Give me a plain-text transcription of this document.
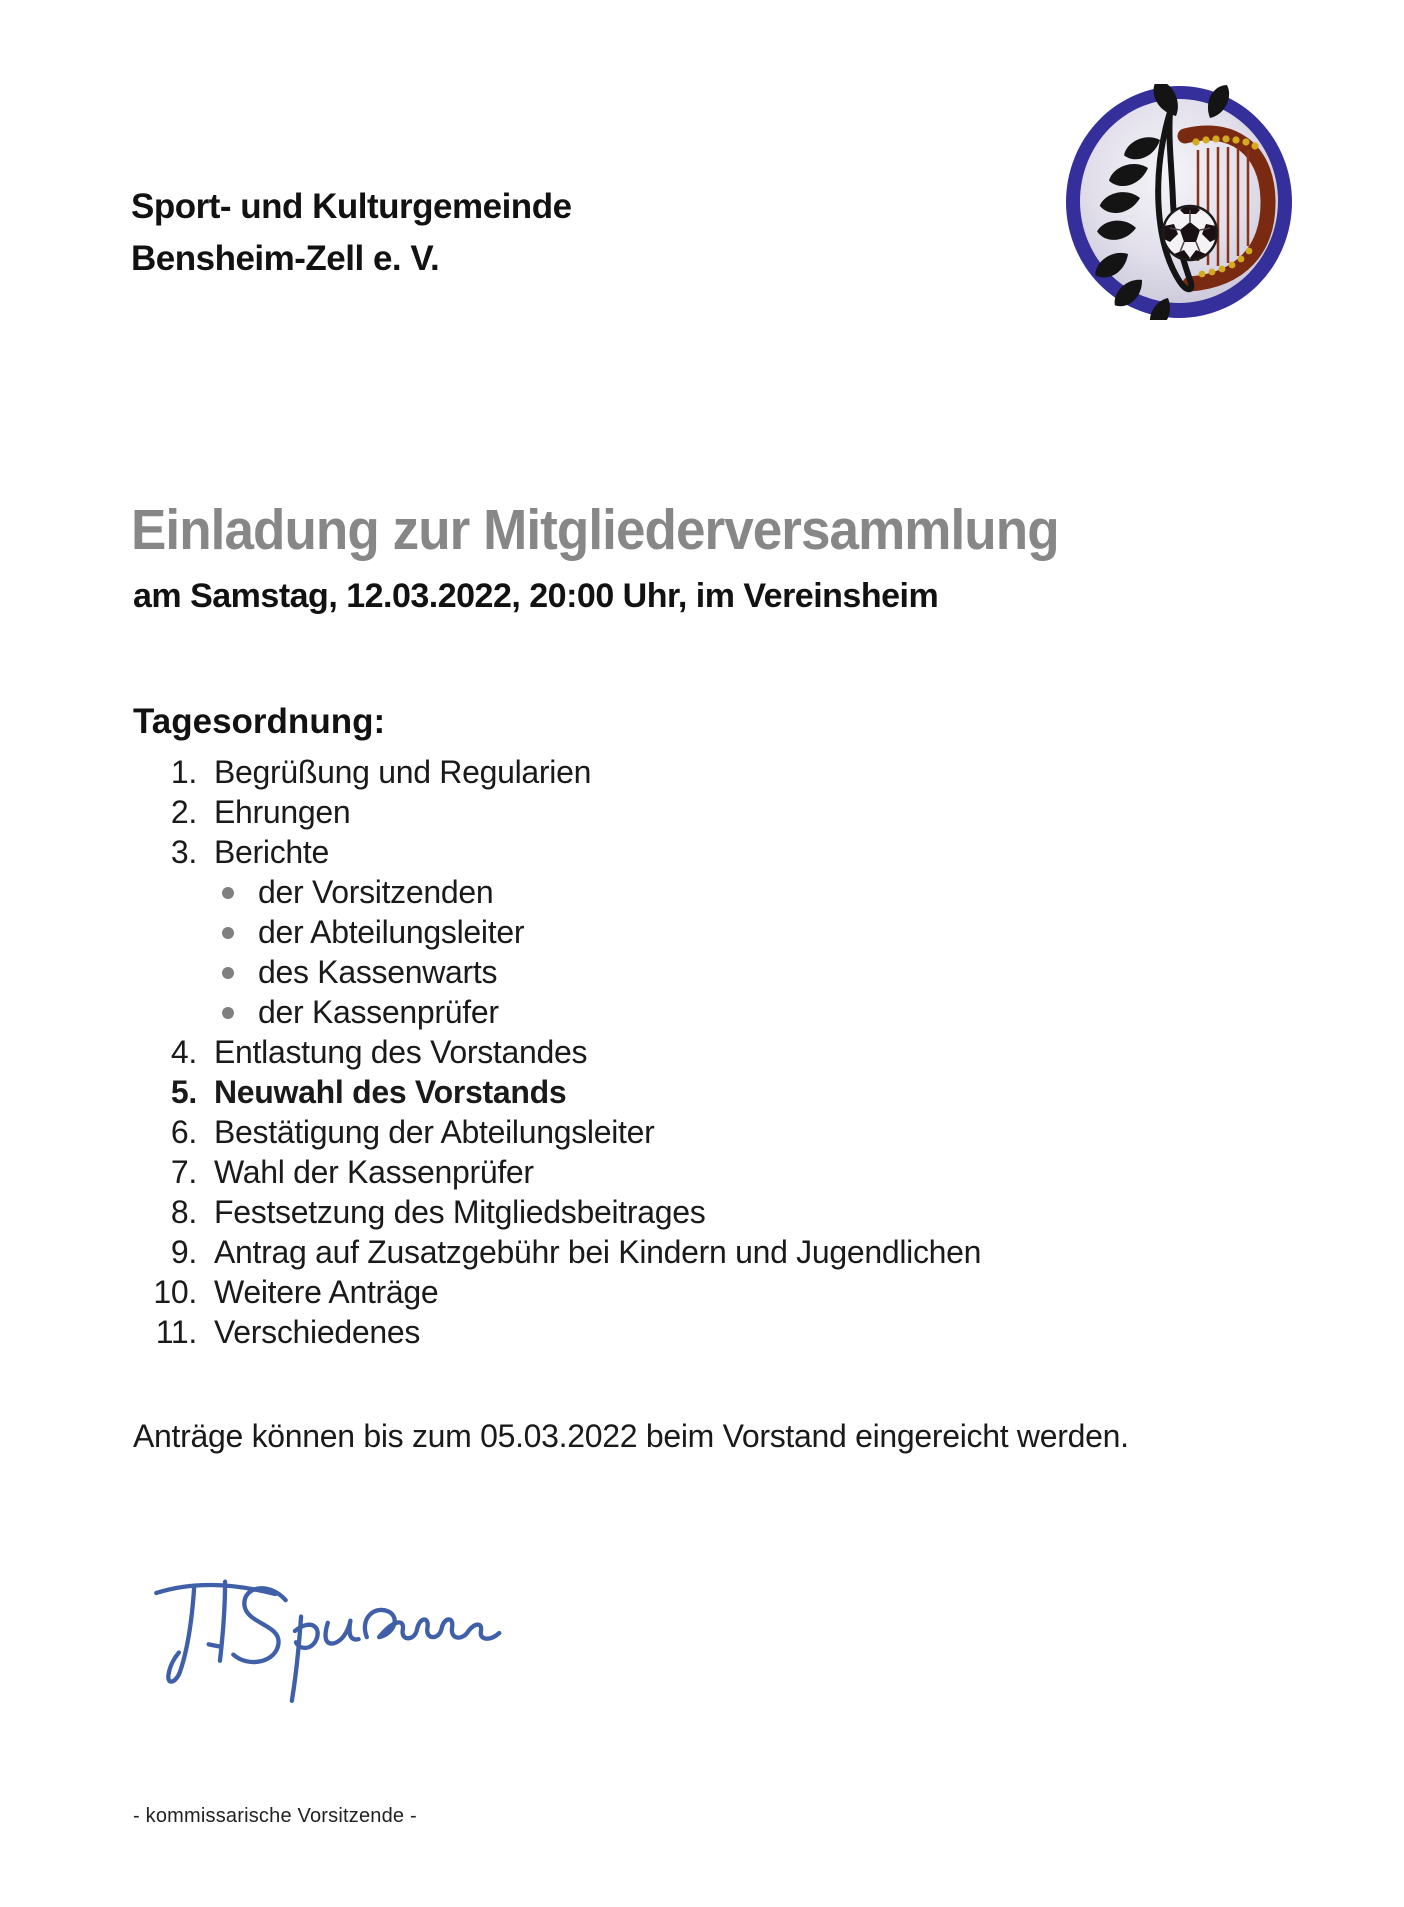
Sport- und Kulturgemeinde
Bensheim-Zell e. V.
Einladung zur Mitgliederversammlung
am Samstag, 12.03.2022, 20:00 Uhr, im Vereinsheim
Tagesordnung:
1. Begrüßung und Regularien
2. Ehrungen
3. Berichte
der Vorsitzenden
der Abteilungsleiter
des Kassenwarts
der Kassenprüfer
4. Entlastung des Vorstandes
5. Neuwahl des Vorstands
6. Bestätigung der Abteilungsleiter
7. Wahl der Kassenprüfer
8. Festsetzung des Mitgliedsbeitrages
9. Antrag auf Zusatzgebühr bei Kindern und Jugendlichen
10. Weitere Anträge
11. Verschiedenes
Anträge können bis zum 05.03.2022 beim Vorstand eingereicht werden.
- kommissarische Vorsitzende -
